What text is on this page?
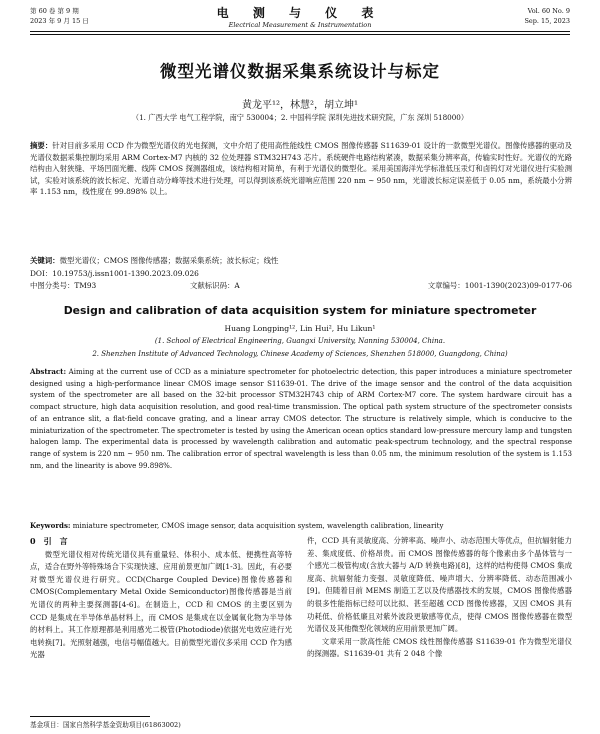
第 60 卷 第 9 期
2023 年 9 月 15 日
电 测 与 仪 表
Electrical Measurement & Instrumentation
Vol. 60 No. 9
Sep. 15, 2023
微型光谱仪数据采集系统设计与标定
黄龙平¹²，林慧²，胡立坤¹
（1. 广西大学 电气工程学院，南宁 530004；2. 中国科学院 深圳先进技术研究院，广东 深圳 518000）
摘要：针对目前多采用 CCD 作为微型光谱仪的光电探测，文中介绍了使用高性能线性 CMOS 图像传感器 S11639-01 设计的一款微型光谱仪。图像传感器的驱动及光谱仪数据采集控制均采用 ARM Cortex-M7 内核的 32 位处理器 STM32H743 芯片。系统硬件电路结构紧凑，数据采集分辨率高，传输实时性好。光谱仪的光路结构由入射狭缝、平场凹面光栅、线阵 CMOS 探测器组成，该结构相对简单，有利于光谱仪的微型化。采用美国海洋光学标准低压汞灯和卤钨灯对光谱仪进行实验测试，实验对该系统的波长标定、光谱自动分峰等技术进行处理，可以得到该系统光谱响应范围 220 nm ~ 950 nm，光谱波长标定误差低于 0.05 nm，系统最小分辨率 1.153 nm，线性度在 99.898% 以上。
关键词：微型光谱仪；CMOS 图像传感器；数据采集系统；波长标定；线性
DOI：10.19753/j.issn1001-1390.2023.09.026
中图分类号：TM93	文献标识码：A	文章编号：1001-1390(2023)09-0177-06
Design and calibration of data acquisition system for miniature spectrometer
Huang Longping¹², Lin Hui², Hu Likun¹
(1. School of Electrical Engineering, Guangxi University, Nanning 530004, China.
2. Shenzhen Institute of Advanced Technology, Chinese Academy of Sciences, Shenzhen 518000, Guangdong, China)
Abstract: Aiming at the current use of CCD as a miniature spectrometer for photoelectric detection, this paper introduces a miniature spectrometer designed using a high-performance linear CMOS image sensor S11639-01. The drive of the image sensor and the control of the data acquisition system of the spectrometer are all based on the 32-bit processor STM32H743 chip of ARM Cortex-M7 core. The system hardware circuit has a compact structure, high data acquisition resolution, and good real-time transmission. The optical path system structure of the spectrometer consists of an entrance slit, a flat-field concave grating, and a linear array CMOS detector. The structure is relatively simple, which is conducive to the miniaturization of the spectrometer. The spectrometer is tested by using the American ocean optics standard low-pressure mercury lamp and tungsten halogen lamp. The experimental data is processed by wavelength calibration and automatic peak-spectrum technology, and the spectral response range of system is 220 nm ~ 950 nm. The calibration error of spectral wavelength is less than 0.05 nm, the minimum resolution of the system is 1.153 nm, and the linearity is above 99.898%.
Keywords: miniature spectrometer, CMOS image sensor, data acquisition system, wavelength calibration, linearity
0　引　言

微型光谱仪相对传统光谱仪具有重量轻、体积小、成本低、便携性高等特点，适合在野外等特殊场合下实现快速、应用前景更加广阔[1-3]。因此，有必要对微型光谱仪进行研究。CCD(Charge Coupled Device)图像传感器和 CMOS(Complementary Metal Oxide Semiconductor)图像传感器是当前光谱仪的两种主要探测器[4-6]。在制造上，CCD 和 CMOS 的主要区别为 CCD 是集成在半导体单晶材料上，而 CMOS 是集成在以金属氧化物为半导体的材料上。其工作原理都是利用感光二极管(Photodiode)依据光电效应进行光电转换[7]。光照射越强，电信号幅值越大。目前微型光谱仪多采用 CCD 作为感光器

件，CCD 具有灵敏度高、分辨率高、噪声小、动态范围大等优点，但抗辐射能力差、集成度低、价格昂贵。而 CMOS 图像传感器的每个像素由多个晶体管与一个感光二极管构成(含放大器与 A/D 转换电路)[8]，这样的结构使得 CMOS 集成度高、抗辐射能力变强、灵敏度降低、噪声增大、分辨率降低、动态范围减小[9]。但随着目前 MEMS 制造工艺以及传感器技术的发展，CMOS 图像传感器的很多性能指标已经可以比拟、甚至超越 CCD 图像传感器，又因 CMOS 具有功耗低、价格低廉且对紫外波段更敏感等优点，使得 CMOS 图像传感器在微型光谱仪及其他微型化领域的应用前景更加广阔。

文章采用一款高性能 CMOS 线性图像传感器 S11639-01 作为微型光谱仪的探测器。S11639-01 共有 2 048 个像

基金项目：国家自然科学基金资助项目(61863002)
